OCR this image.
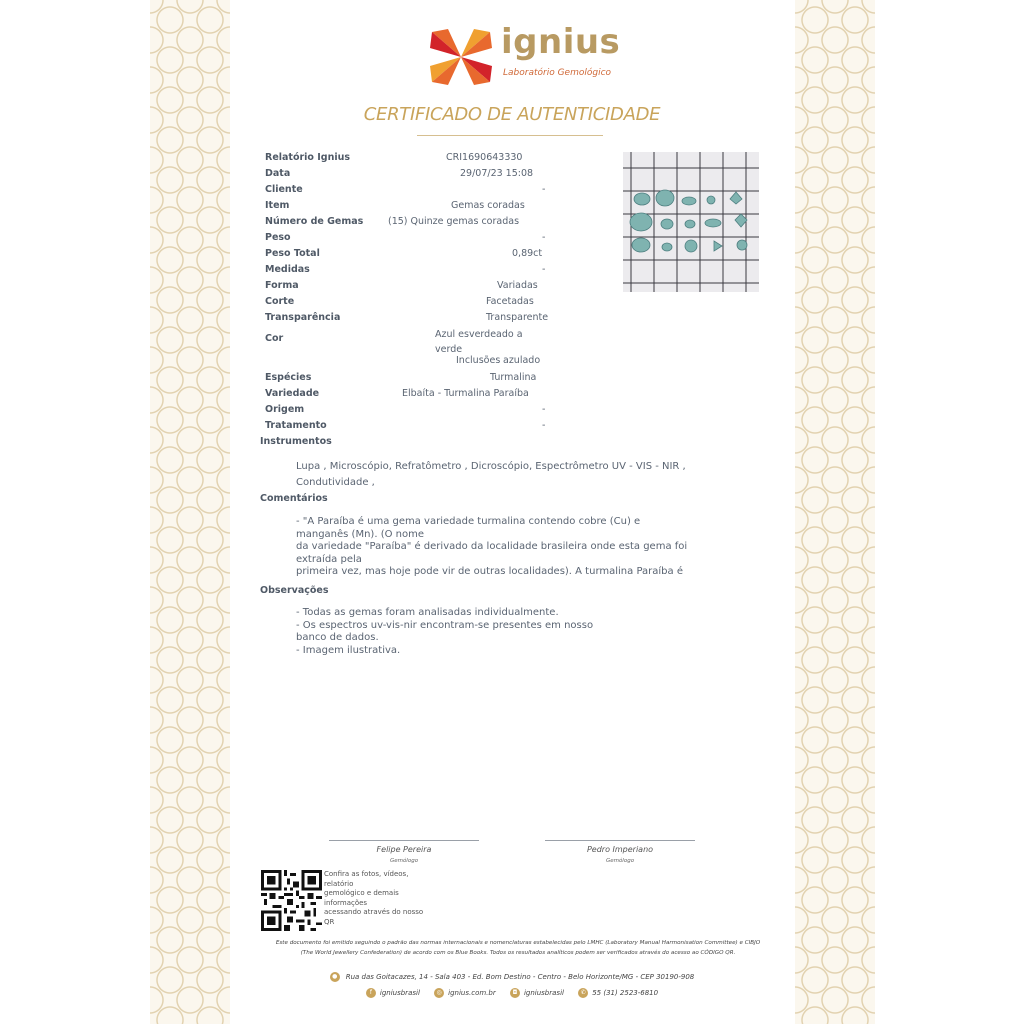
ignius
Laboratório Gemológico
CERTIFICADO DE AUTENTICIDADE
Relatório Ignius	CRI1690643330
Data	29/07/23 15:08
Cliente	-
Item	Gemas coradas
Número de Gemas	(15) Quinze gemas coradas
Peso	-
Peso Total	0,89ct
Medidas	-
Forma	Variadas
Corte	Facetadas
Transparência	Transparente
Cor	Azul esverdeado a
verde
Inclusões azulado
Espécies	Turmalina
Variedade	Elbaíta - Turmalina Paraíba
Origem	-
Tratamento	-
Instrumentos
Lupa , Microscópio, Refratômetro , Dicroscópio, Espectrômetro UV - VIS - NIR ,
Condutividade ,
Comentários
- "A Paraíba é uma gema variedade turmalina contendo cobre (Cu) e
manganês (Mn). (O nome
da variedade "Paraíba" é derivado da localidade brasileira onde esta gema foi
extraída pela
primeira vez, mas hoje pode vir de outras localidades). A turmalina Paraíba é
Observações
- Todas as gemas foram analisadas individualmente.
- Os espectros uv-vis-nir encontram-se presentes em nosso
banco de dados.
- Imagem ilustrativa.
Felipe Pereira
Gemólogo
Pedro Imperiano
Gemólogo
Confira as fotos, vídeos,
relatório
gemológico e demais
informações
acessando através do nosso
QR
Este documento foi emitido seguindo o padrão das normas internacionais e nomenclaturas estabelecidas pelo LMHC (Laboratory Manual Harmonisation Committee) e CIBJO
(The World Jewellery Confederation) de acordo com os Blue Books. Todos os resultados analíticos podem ser verificados através do acesso ao CÓDIGO QR.
● Rua das Goitacazes, 14 - Sala 403 - Ed. Bom Destino - Centro - Belo Horizonte/MG - CEP 30190-908
f igniusbrasil	◎ ignius.com.br	◘ igniusbrasil	✆ 55 (31) 2523-6810
